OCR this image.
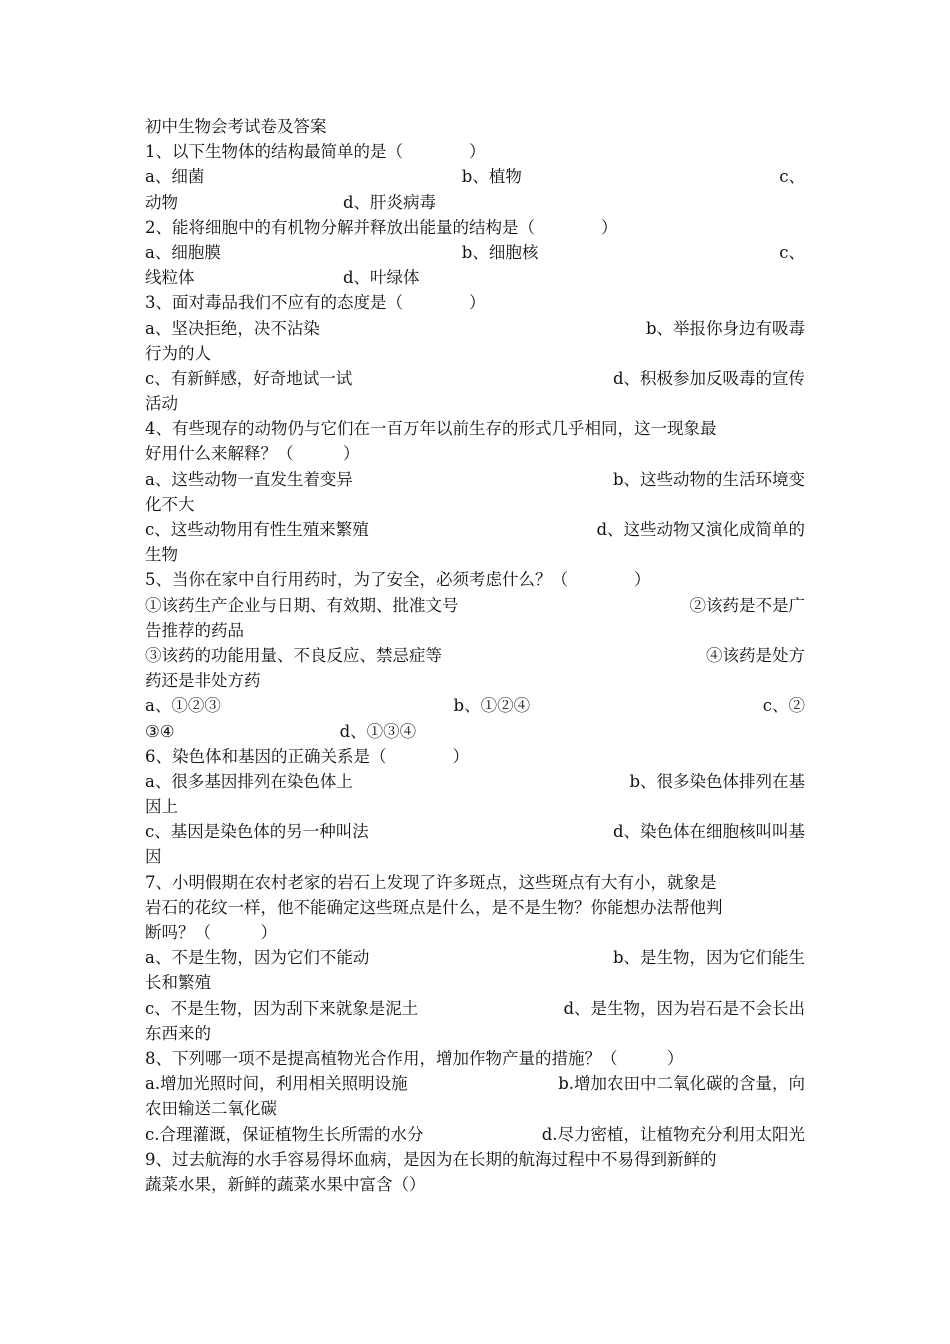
初中生物会考试卷及答案
1、以下生物体的结构最简单的是（　　　　）
a、细菌	b、植物	c、
动物　　　　　　　　　　d、肝炎病毒
2、能将细胞中的有机物分解并释放出能量的结构是（　　　　）
a、细胞膜	b、细胞核	c、
线粒体　　　　　　　　　d、叶绿体
3、面对毒品我们不应有的态度是（　　　　）
a、坚决拒绝，决不沾染	b、举报你身边有吸毒
行为的人
c、有新鲜感，好奇地试一试	d、积极参加反吸毒的宣传
活动
4、有些现存的动物仍与它们在一百万年以前生存的形式几乎相同，这一现象最
好用什么来解释？（　　　）
a、这些动物一直发生着变异	b、这些动物的生活环境变
化不大
c、这些动物用有性生殖来繁殖	d、这些动物又演化成简单的
生物
5、当你在家中自行用药时，为了安全，必须考虑什么？（　　　　）
①该药生产企业与日期、有效期、批准文号	②该药是不是广
告推荐的药品
③该药的功能用量、不良反应、禁忌症等	④该药是处方
药还是非处方药
a、①②③	b、①②④	c、②
③④　　　　　　　　　　d、①③④
6、染色体和基因的正确关系是（　　　　）
a、很多基因排列在染色体上	b、很多染色体排列在基
因上
c、基因是染色体的另一种叫法	d、染色体在细胞核叫叫基
因
7、小明假期在农村老家的岩石上发现了许多斑点，这些斑点有大有小，就象是
岩石的花纹一样，他不能确定这些斑点是什么，是不是生物？你能想办法帮他判
断吗？（　　　）
a、不是生物，因为它们不能动	b、是生物，因为它们能生
长和繁殖
c、不是生物，因为刮下来就象是泥土	d、是生物，因为岩石是不会长出
东西来的
8、下列哪一项不是提高植物光合作用，增加作物产量的措施？（　　　）
a.增加光照时间，利用相关照明设施	b.增加农田中二氧化碳的含量，向
农田输送二氧化碳
c.合理灌溉，保证植物生长所需的水分	d.尽力密植，让植物充分利用太阳光
9、过去航海的水手容易得坏血病，是因为在长期的航海过程中不易得到新鲜的
蔬菜水果，新鲜的蔬菜水果中富含（）
